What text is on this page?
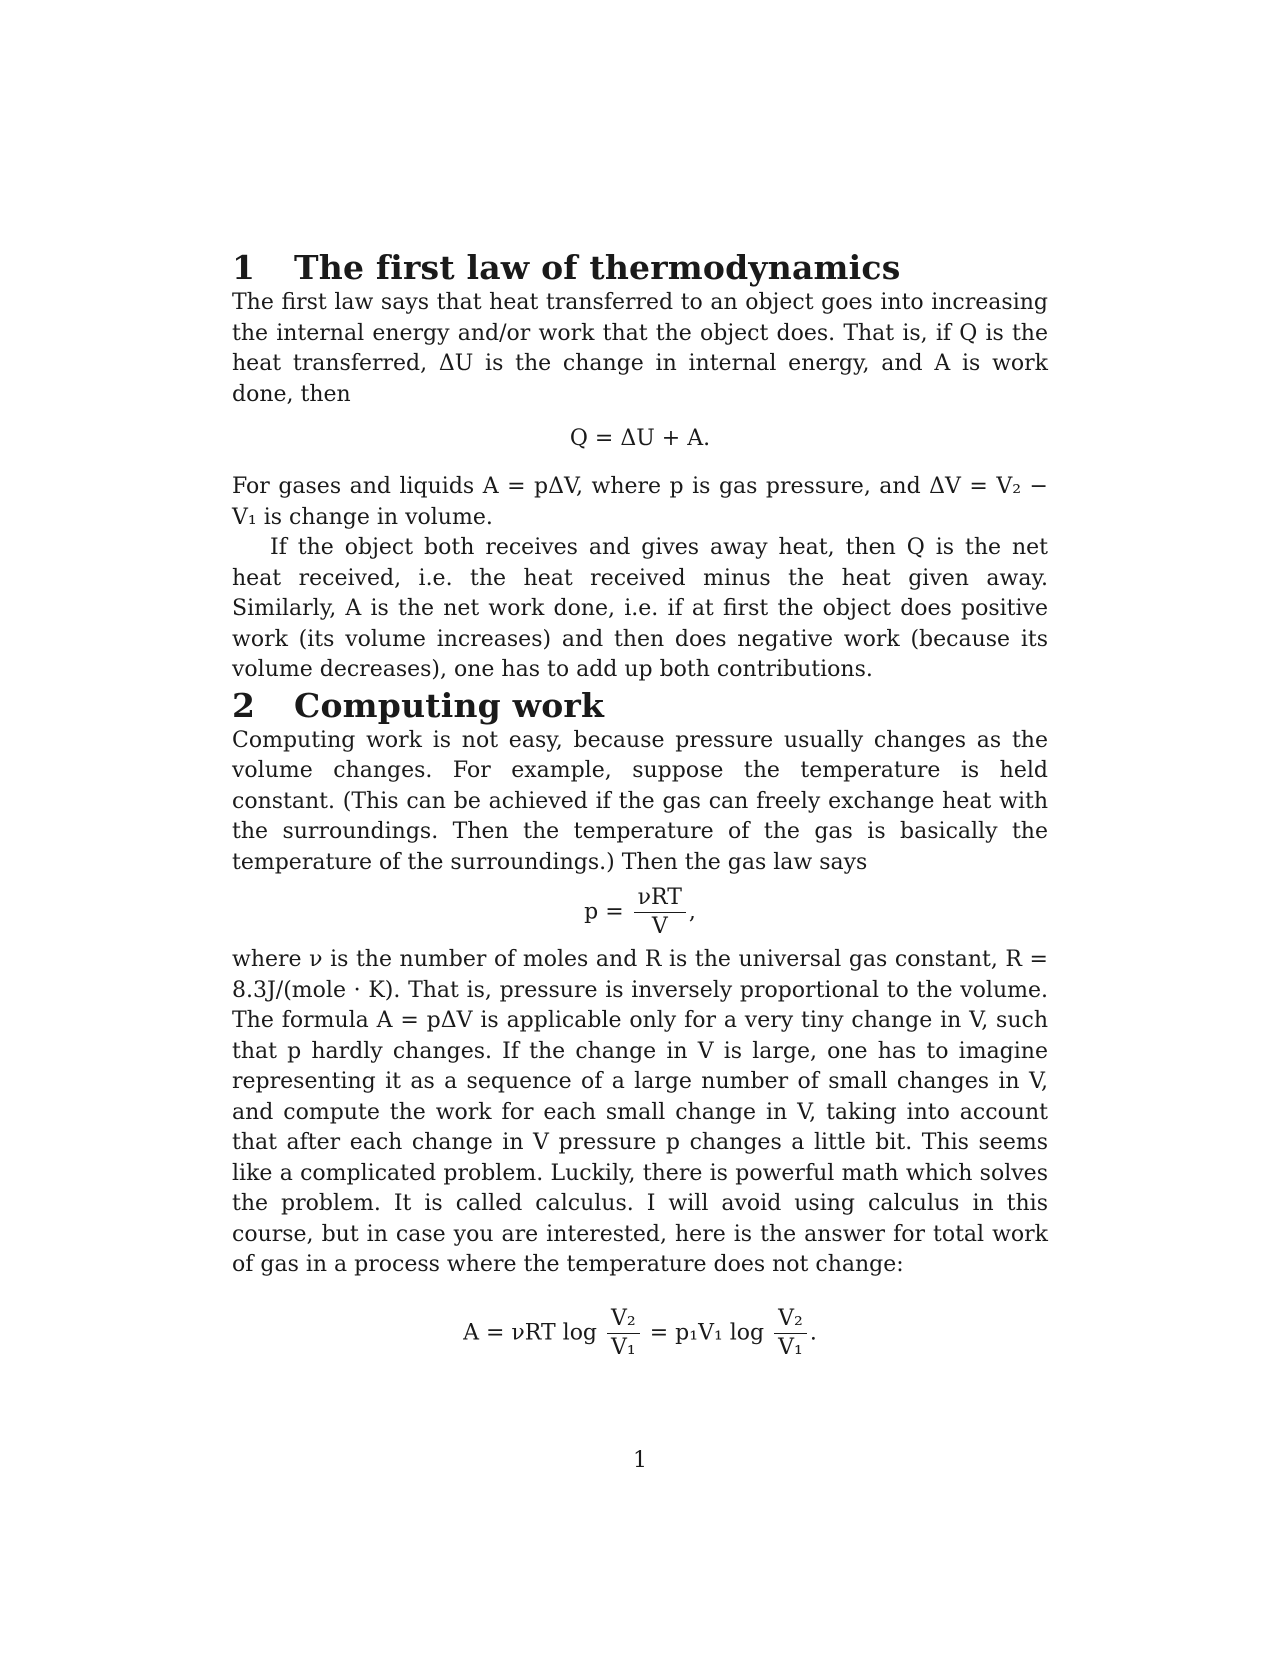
1	The first law of thermodynamics

The first law says that heat transferred to an object goes into increasing the internal energy and/or work that the object does. That is, if Q is the heat transferred, ΔU is the change in internal energy, and A is work done, then

Q = ΔU + A.

For gases and liquids A = pΔV, where p is gas pressure, and ΔV = V₂ − V₁ is change in volume.

If the object both receives and gives away heat, then Q is the net heat received, i.e. the heat received minus the heat given away. Similarly, A is the net work done, i.e. if at first the object does positive work (its volume increases) and then does negative work (because its volume decreases), one has to add up both contributions.

2	Computing work

Computing work is not easy, because pressure usually changes as the volume changes. For example, suppose the temperature is held constant. (This can be achieved if the gas can freely exchange heat with the surroundings. Then the temperature of the gas is basically the temperature of the surroundings.) Then the gas law says

$p = \frac{\text{νRT}}{V}$ ,

where ν is the number of moles and R is the universal gas constant, R = 8.3J/(mole · K). That is, pressure is inversely proportional to the volume. The formula A = pΔV is applicable only for a very tiny change in V, such that p hardly changes. If the change in V is large, one has to imagine representing it as a sequence of a large number of small changes in V, and compute the work for each small change in V, taking into account that after each change in V pressure p changes a little bit. This seems like a complicated problem. Luckily, there is powerful math which solves the problem. It is called calculus. I will avoid using calculus in this course, but in case you are interested, here is the answer for total work of gas in a process where the temperature does not change:

A = νRT $\log \frac{\text{V₂}}{\text{V₁}} = p_1V_1$ $\log \frac{\text{V₂}}{\text{V₁}}$ .
1
